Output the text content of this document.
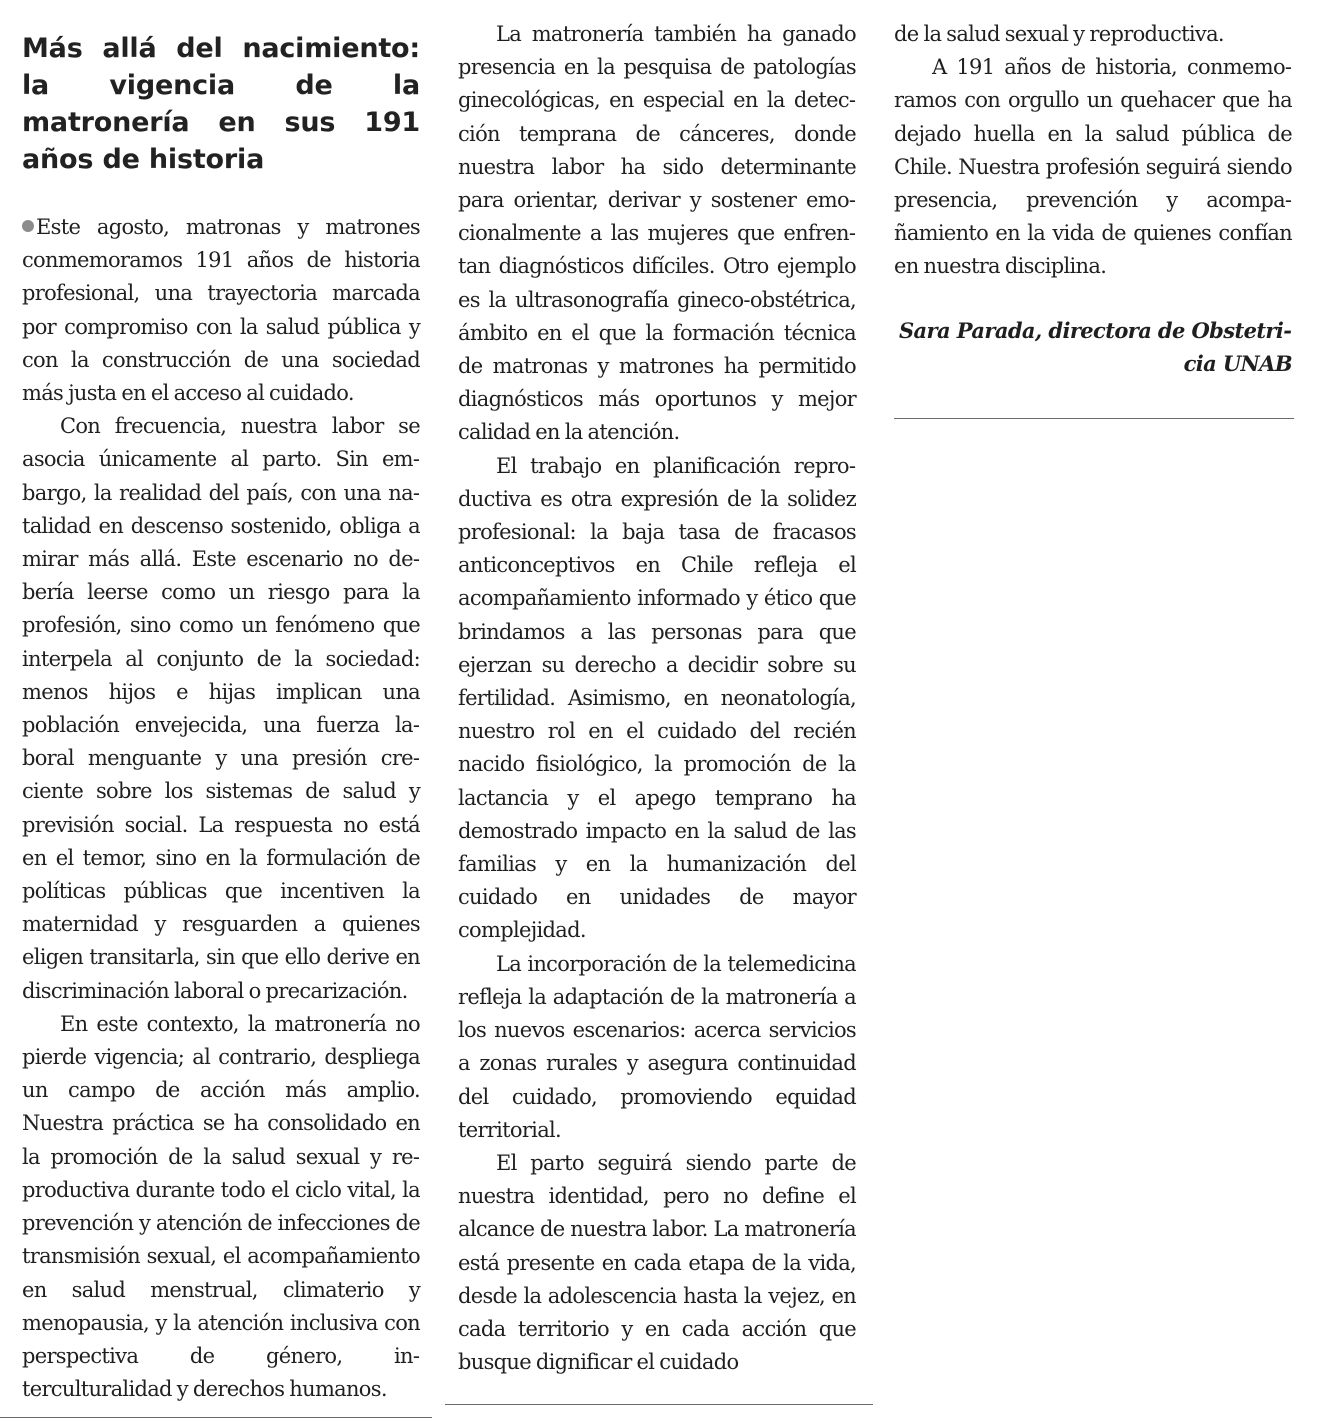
Más allá del nacimiento: la vigencia de la matronería en sus 191 años de historia

Este agosto, matronas y matrones conmemoramos 191 años de historia profesional, una trayectoria marcada por compromiso con la salud pública y con la construcción de una sociedad más justa en el acceso al cuidado.

Con frecuencia, nuestra labor se asocia únicamente al parto. Sin embargo, la realidad del país, con una natalidad en descenso sostenido, obliga a mirar más allá. Este escenario no debería leerse como un riesgo para la profesión, sino como un fenómeno que interpela al conjunto de la sociedad: menos hijos e hijas implican una población envejecida, una fuerza laboral menguante y una presión creciente sobre los sistemas de salud y previsión social. La respuesta no está en el temor, sino en la formulación de políticas públicas que incentiven la maternidad y resguarden a quienes eligen transitarla, sin que ello derive en discriminación laboral o precarización.

En este contexto, la matronería no pierde vigencia; al contrario, despliega un campo de acción más amplio. Nuestra práctica se ha consolidado en la promoción de la salud sexual y reproductiva durante todo el ciclo vital, la prevención y atención de infecciones de transmisión sexual, el acompañamiento en salud menstrual, climaterio y menopausia, y la atención inclusiva con perspectiva de género, interculturalidad y derechos humanos.

La matronería también ha ganado presencia en la pesquisa de patologías ginecológicas, en especial en la detección temprana de cánceres, donde nuestra labor ha sido determinante para orientar, derivar y sostener emocionalmente a las mujeres que enfrentan diagnósticos difíciles. Otro ejemplo es la ultrasonografía gineco-obstétrica, ámbito en el que la formación técnica de matronas y matrones ha permitido diagnósticos más oportunos y mejor calidad en la atención.

El trabajo en planificación reproductiva es otra expresión de la solidez profesional: la baja tasa de fracasos anticonceptivos en Chile refleja el acompañamiento informado y ético que brindamos a las personas para que ejerzan su derecho a decidir sobre su fertilidad. Asimismo, en neonatología, nuestro rol en el cuidado del recién nacido fisiológico, la promoción de la lactancia y el apego temprano ha demostrado impacto en la salud de las familias y en la humanización del cuidado en unidades de mayor complejidad.

La incorporación de la telemedicina refleja la adaptación de la matronería a los nuevos escenarios: acerca servicios a zonas rurales y asegura continuidad del cuidado, promoviendo equidad territorial.

El parto seguirá siendo parte de nuestra identidad, pero no define el alcance de nuestra labor. La matronería está presente en cada etapa de la vida, desde la adolescencia hasta la vejez, en cada territorio y en cada acción que busque dignificar el cuidado

de la salud sexual y reproductiva.

A 191 años de historia, conmemoramos con orgullo un quehacer que ha dejado huella en la salud pública de Chile. Nuestra profesión seguirá siendo presencia, prevención y acompañamiento en la vida de quienes confían en nuestra disciplina.

Sara Parada, directora de Obstetricia UNAB
